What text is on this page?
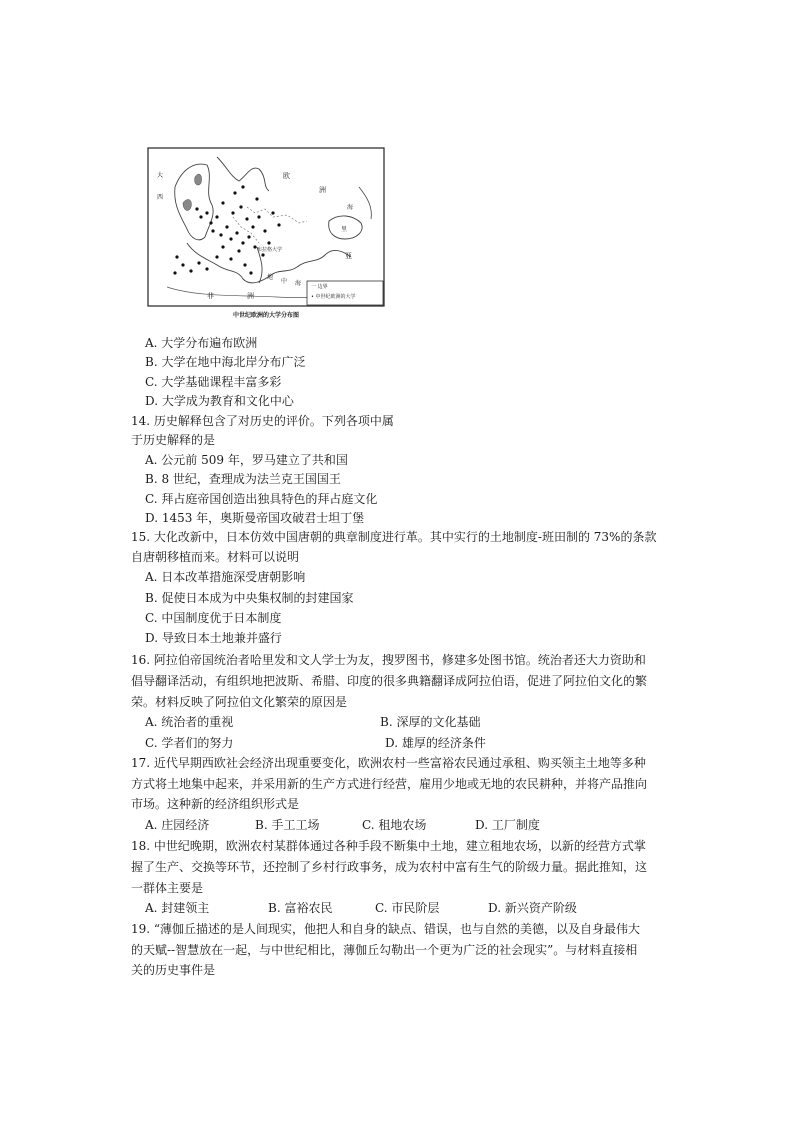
大
西
欧
洲
里
海
亚
地
中 海
非	洲
布拉格大学
一 边界
• 中世纪欧洲的大学
中世纪欧洲的大学分布图
A. 大学分布遍布欧洲
B. 大学在地中海北岸分布广泛
C. 大学基础课程丰富多彩
D. 大学成为教育和文化中心
14. 历史解释包含了对历史的评价。下列各项中属
于历史解释的是
A. 公元前 509 年，罗马建立了共和国
B. 8 世纪，查理成为法兰克王国国王
C. 拜占庭帝国创造出独具特色的拜占庭文化
D. 1453 年，奥斯曼帝国攻破君士坦丁堡
15. 大化改新中，日本仿效中国唐朝的典章制度进行革。其中实行的土地制度-班田制的 73%的条款
自唐朝移植而来。材料可以说明
A. 日本改革措施深受唐朝影响
B. 促使日本成为中央集权制的封建国家
C. 中国制度优于日本制度
D. 导致日本土地兼并盛行
16. 阿拉伯帝国统治者哈里发和文人学士为友，搜罗图书，修建多处图书馆。统治者还大力资助和
倡导翻译活动，有组织地把波斯、希腊、印度的很多典籍翻译成阿拉伯语，促进了阿拉伯文化的繁
荣。材料反映了阿拉伯文化繁荣的原因是
A. 统治者的重视	B. 深厚的文化基础
C. 学者们的努力	D. 雄厚的经济条件
17. 近代早期西欧社会经济出现重要变化，欧洲农村一些富裕农民通过承租、购买领主土地等多种
方式将土地集中起来，并采用新的生产方式进行经营，雇用少地或无地的农民耕种，并将产品推向
市场。这种新的经济组织形式是
A. 庄园经济	B. 手工工场	C. 租地农场	D. 工厂制度
18. 中世纪晚期，欧洲农村某群体通过各种手段不断集中土地，建立租地农场，以新的经营方式掌
握了生产、交换等环节，还控制了乡村行政事务，成为农村中富有生气的阶级力量。据此推知，这
一群体主要是
A. 封建领主	B. 富裕农民	C. 市民阶层	D. 新兴资产阶级
19. “薄伽丘描述的是人间现实，他把人和自身的缺点、错误，也与自然的美德，以及自身最伟大
的天赋--智慧放在一起，与中世纪相比，薄伽丘勾勒出一个更为广泛的社会现实”。与材料直接相
关的历史事件是
